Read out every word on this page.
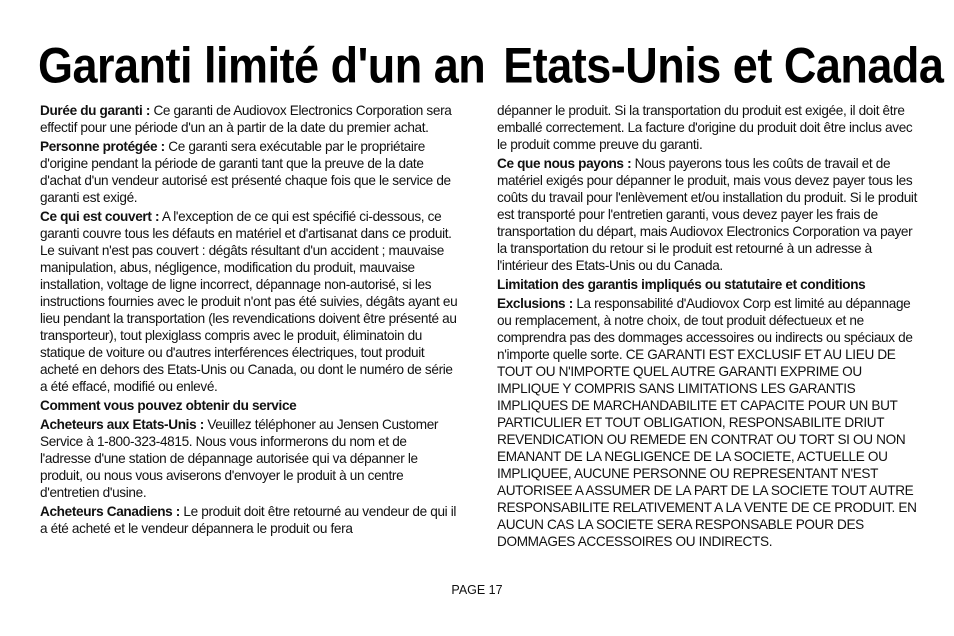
Garanti limité d'un an Etats-Unis et Canada

Durée du garanti : Ce garanti de Audiovox Electronics Corporation sera effectif pour une période d'un an à partir de la date du premier achat.

Personne protégée : Ce garanti sera exécutable par le propriétaire d'origine pendant la période de garanti tant que la preuve de la date d'achat d'un vendeur autorisé est présenté chaque fois que le service de garanti est exigé.

Ce qui est couvert : A l'exception de ce qui est spécifié ci-dessous, ce garanti couvre tous les défauts en matériel et d'artisanat dans ce produit. Le suivant n'est pas couvert : dégâts résultant d'un accident ; mauvaise manipulation, abus, négligence, modification du produit, mauvaise installation, voltage de ligne incorrect, dépannage non-autorisé, si les instructions fournies avec le produit n'ont pas été suivies, dégâts ayant eu lieu pendant la transportation (les revendications doivent être présenté au transporteur), tout plexiglass compris avec le produit, éliminatoin du statique de voiture ou d'autres interférences électriques, tout produit acheté en dehors des Etats-Unis ou Canada, ou dont le numéro de série a été effacé, modifié ou enlevé.

Comment vous pouvez obtenir du service

Acheteurs aux Etats-Unis : Veuillez téléphoner au Jensen Customer Service à 1-800-323-4815. Nous vous informerons du nom et de l'adresse d'une station de dépannage autorisée qui va dépanner le produit, ou nous vous aviserons d'envoyer le produit à un centre d'entretien d'usine.

Acheteurs Canadiens : Le produit doit être retourné au vendeur de qui il a été acheté et le vendeur dépannera le produit ou fera

dépanner le produit. Si la transportation du produit est exigée, il doit être emballé correctement. La facture d'origine du produit doit être inclus avec le produit comme preuve du garanti.

Ce que nous payons : Nous payerons tous les coûts de travail et de matériel exigés pour dépanner le produit, mais vous devez payer tous les coûts du travail pour l'enlèvement et/ou installation du produit. Si le produit est transporté pour l'entretien garanti, vous devez payer les frais de transportation du départ, mais Audiovox Electronics Corporation va payer la transportation du retour si le produit est retourné à un adresse à l'intérieur des Etats-Unis ou du Canada.

Limitation des garantis impliqués ou statutaire et conditions

Exclusions : La responsabilité d'Audiovox Corp est limité au dépannage ou remplacement, à notre choix, de tout produit défectueux et ne comprendra pas des dommages accessoires ou indirects ou spéciaux de n'importe quelle sorte. CE GARANTI EST EXCLUSIF ET AU LIEU DE TOUT OU N'IMPORTE QUEL AUTRE GARANTI EXPRIME OU IMPLIQUE Y COMPRIS SANS LIMITATIONS LES GARANTIS IMPLIQUES DE MARCHANDABILITE ET CAPACITE POUR UN BUT PARTICULIER ET TOUT OBLIGATION, RESPONSABILITE DRIUT REVENDICATION OU REMEDE EN CONTRAT OU TORT SI OU NON EMANANT DE LA NEGLIGENCE DE LA SOCIETE, ACTUELLE OU IMPLIQUEE, AUCUNE PERSONNE OU REPRESENTANT N'EST AUTORISEE A ASSUMER DE LA PART DE LA SOCIETE TOUT AUTRE RESPONSABILITE RELATIVEMENT A LA VENTE DE CE PRODUIT. EN AUCUN CAS LA SOCIETE SERA RESPONSABLE POUR DES DOMMAGES ACCESSOIRES OU INDIRECTS.

PAGE 17
